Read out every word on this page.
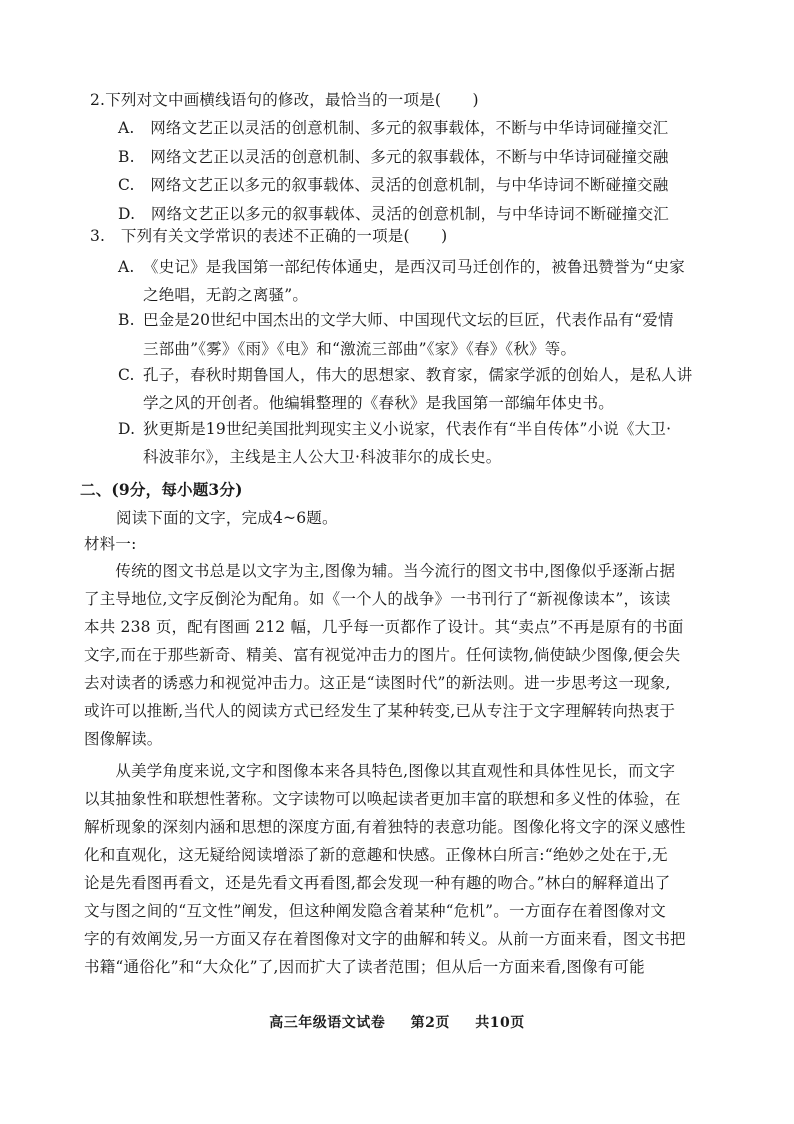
2.下列对文中画横线语句的修改，最恰当的一项是(　　)
A.　网络文艺正以灵活的创意机制、多元的叙事载体，不断与中华诗词碰撞交汇
B.　网络文艺正以灵活的创意机制、多元的叙事载体，不断与中华诗词碰撞交融
C.　网络文艺正以多元的叙事载体、灵活的创意机制，与中华诗词不断碰撞交融
D.　网络文艺正以多元的叙事载体、灵活的创意机制，与中华诗词不断碰撞交汇
3.　下列有关文学常识的表述不正确的一项是(　　)
A. 《史记》是我国第一部纪传体通史，是西汉司马迁创作的，被鲁迅赞誉为“史家
之绝唱，无韵之离骚”。
B. 巴金是20世纪中国杰出的文学大师、中国现代文坛的巨匠，代表作品有“爱情
三部曲”《雾》《雨》《电》和“激流三部曲”《家》《春》《秋》等。
C. 孔子，春秋时期鲁国人，伟大的思想家、教育家，儒家学派的创始人，是私人讲
学之风的开创者。他编辑整理的《春秋》是我国第一部编年体史书。
D. 狄更斯是19世纪美国批判现实主义小说家，代表作有“半自传体”小说《大卫·
科波菲尔》，主线是主人公大卫·科波菲尔的成长史。
二、(9分，每小题3分)
阅读下面的文字，完成4~6题。
材料一:
　　传统的图文书总是以文字为主,图像为辅。当今流行的图文书中,图像似乎逐渐占据
了主导地位,文字反倒沦为配角。如《一个人的战争》一书刊行了“新视像读本”，该读
本共 238 页，配有图画 212 幅，几乎每一页都作了设计。其“卖点”不再是原有的书面
文字,而在于那些新奇、精美、富有视觉冲击力的图片。任何读物,倘使缺少图像,便会失
去对读者的诱惑力和视觉冲击力。这正是“读图时代”的新法则。进一步思考这一现象,
或许可以推断,当代人的阅读方式已经发生了某种转变,已从专注于文字理解转向热衷于
图像解读。
　　从美学角度来说,文字和图像本来各具特色,图像以其直观性和具体性见长，而文字
以其抽象性和联想性著称。文字读物可以唤起读者更加丰富的联想和多义性的体验，在
解析现象的深刻内涵和思想的深度方面,有着独特的表意功能。图像化将文字的深义感性
化和直观化，这无疑给阅读增添了新的意趣和快感。正像林白所言:“绝妙之处在于,无
论是先看图再看文，还是先看文再看图,都会发现一种有趣的吻合。”林白的解释道出了
文与图之间的“互文性”阐发，但这种阐发隐含着某种“危机”。一方面存在着图像对文
字的有效阐发,另一方面又存在着图像对文字的曲解和转义。从前一方面来看，图文书把
书籍“通俗化”和“大众化”了,因而扩大了读者范围；但从后一方面来看,图像有可能
高三年级语文试卷 第2页 共10页
